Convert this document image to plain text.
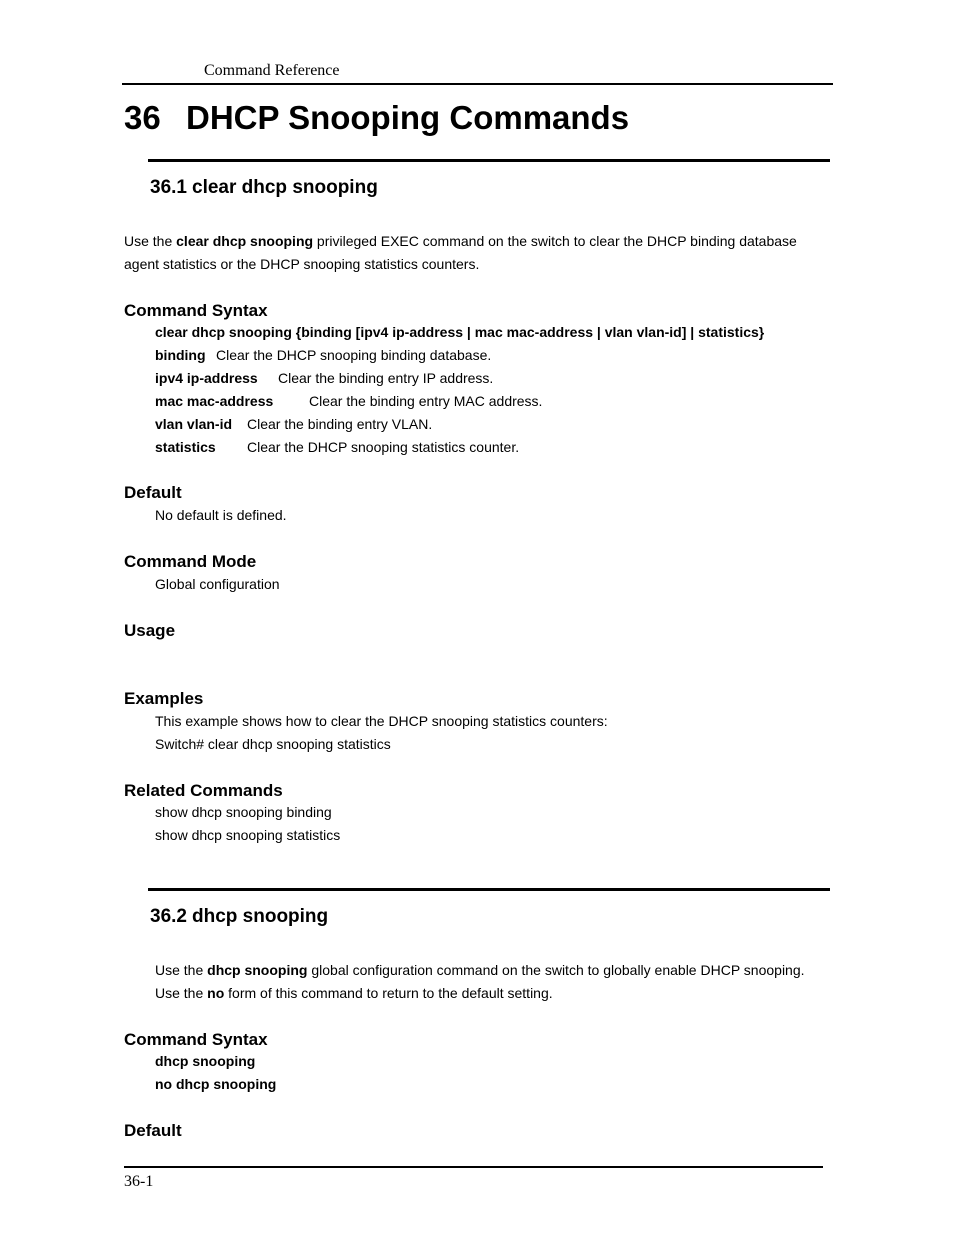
Command Reference
36 DHCP Snooping Commands
36.1 clear dhcp snooping
Use the clear dhcp snooping privileged EXEC command on the switch to clear the DHCP binding database
agent statistics or the DHCP snooping statistics counters.
Command Syntax
clear dhcp snooping {binding [ipv4 ip-address | mac mac-address | vlan vlan-id] | statistics}
binding Clear the DHCP snooping binding database.
ipv4 ip-address Clear the binding entry IP address.
mac mac-address	Clear the binding entry MAC address.
vlan vlan-id Clear the binding entry VLAN.
statistics Clear the DHCP snooping statistics counter.
Default
No default is defined.
Command Mode
Global configuration
Usage
Examples
This example shows how to clear the DHCP snooping statistics counters:
Switch# clear dhcp snooping statistics
Related Commands
show dhcp snooping binding
show dhcp snooping statistics
36.2 dhcp snooping
Use the dhcp snooping global configuration command on the switch to globally enable DHCP snooping.
Use the no form of this command to return to the default setting.
Command Syntax
dhcp snooping
no dhcp snooping
Default
36-1
